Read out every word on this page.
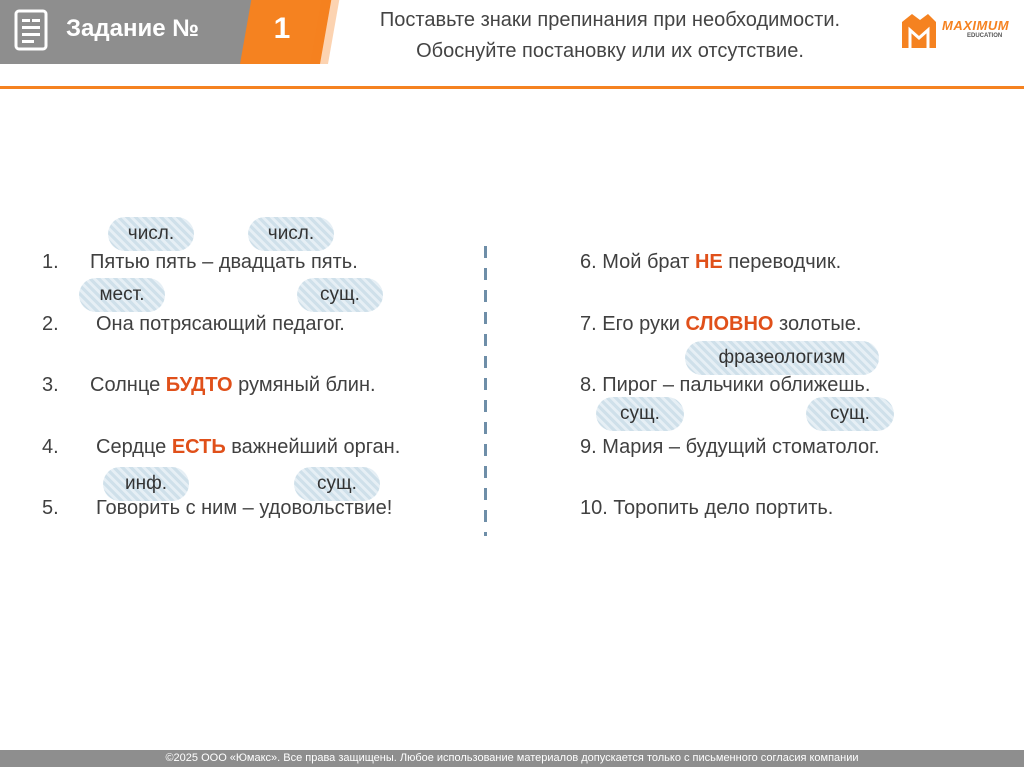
Задание №	1	Поставьте знаки препинания при необходимости.
Обоснуйте постановку или их отсутствие.
MAXIMUM
EDUCATION
числ.	числ.
мест.	сущ.
инф.	сущ.
фразеологизм
сущ.	сущ.
1. Пятью пять – двадцать пять.
2. Она потрясающий педагог.
3. Солнце БУДТО румяный блин.
4. Сердце ЕСТЬ важнейший орган.
5. Говорить с ним – удовольствие!
6. Мой брат НЕ переводчик.
7. Его руки СЛОВНО золотые.
8. Пирог – пальчики оближешь.
9. Мария – будущий стоматолог.
10. Торопить дело портить.
©2025 ООО «Юмакс». Все права защищены. Любое использование материалов допускается только с письменного согласия компании
